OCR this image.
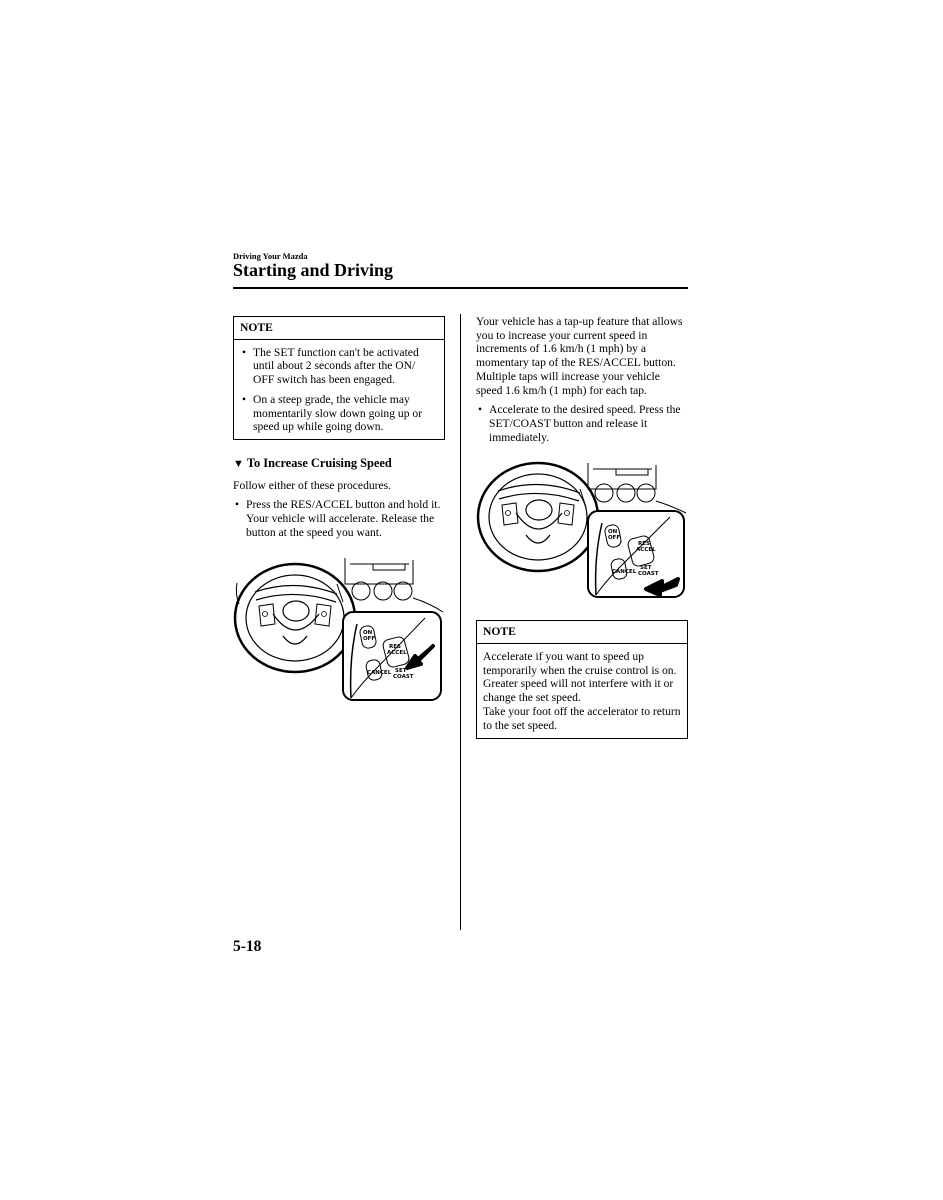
Driving Your Mazda
Starting and Driving
NOTE
• The SET function can't be activated until about 2 seconds after the ON/ OFF switch has been engaged.
• On a steep grade, the vehicle may momentarily slow down going up or speed up while going down.
▼ To Increase Cruising Speed
Follow either of these procedures.
• Press the RES/ACCEL button and hold it. Your vehicle will accelerate. Release the button at the speed you want.
ON
OFF
RES
ACCEL
CANCEL SET
COAST
Your vehicle has a tap-up feature that allows you to increase your current speed in increments of 1.6 km/h (1 mph) by a momentary tap of the RES/ACCEL button. Multiple taps will increase your vehicle speed 1.6 km/h (1 mph) for each tap.
• Accelerate to the desired speed. Press the SET/COAST button and release it immediately.
ON
OFF
RES
ACCEL
CANCEL
SET
COAST
NOTE
Accelerate if you want to speed up temporarily when the cruise control is on. Greater speed will not interfere with it or change the set speed.
Take your foot off the accelerator to return to the set speed.
5-18
